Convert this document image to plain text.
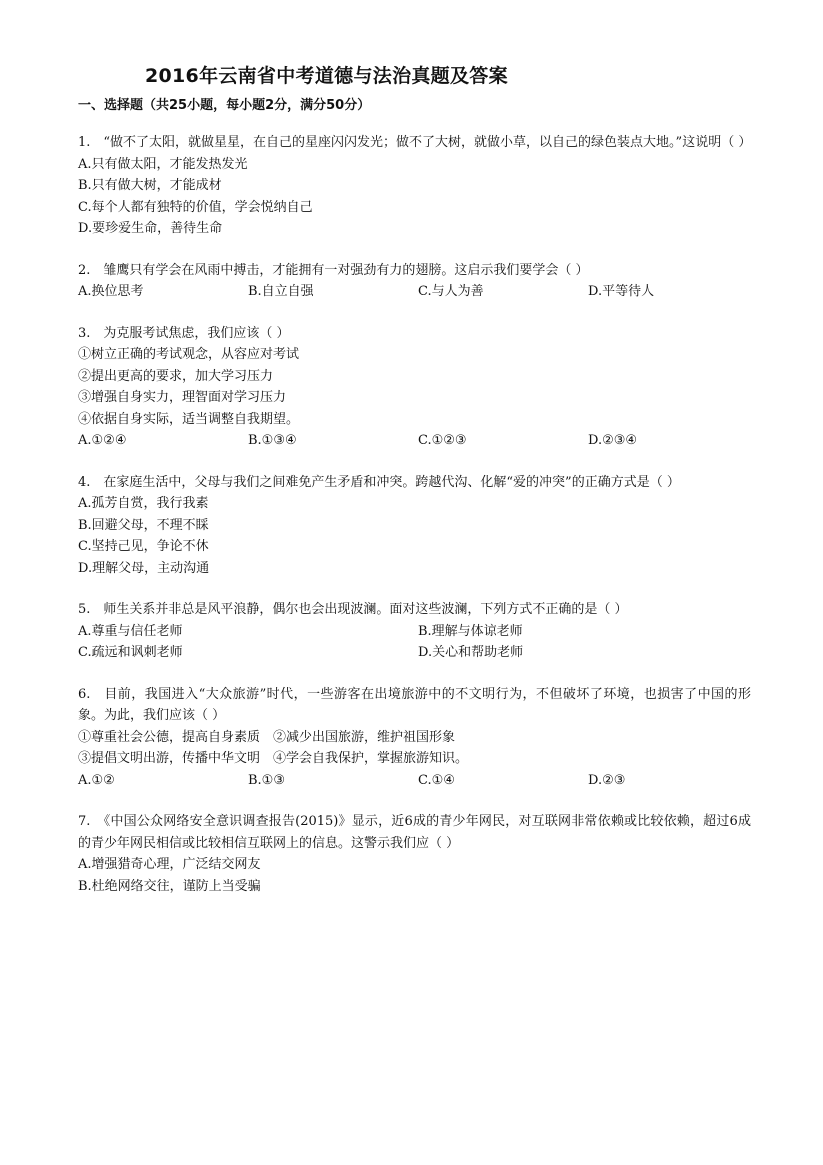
2016年云南省中考道德与法治真题及答案
一、选择题（共25小题，每小题2分，满分50分）

1.　“做不了太阳，就做星星，在自己的星座闪闪发光；做不了大树，就做小草，以自己的绿色装点大地。”这说明（ ）

A.只有做太阳，才能发热发光

B.只有做大树，才能成材

C.每个人都有独特的价值，学会悦纳自己

D.要珍爱生命，善待生命

2.　雏鹰只有学会在风雨中搏击，才能拥有一对强劲有力的翅膀。这启示我们要学会（ ）

A.换位思考	B.自立自强	C.与人为善	D.平等待人

3.　为克服考试焦虑，我们应该（ ）

①树立正确的考试观念，从容应对考试

②提出更高的要求，加大学习压力

③增强自身实力，理智面对学习压力

④依据自身实际，适当调整自我期望。

A.①②④	B.①③④	C.①②③	D.②③④

4.　在家庭生活中，父母与我们之间难免产生矛盾和冲突。跨越代沟、化解“爱的冲突”的正确方式是（ ）

A.孤芳自赏，我行我素

B.回避父母，不理不睬

C.坚持己见，争论不休

D.理解父母，主动沟通

5.　师生关系并非总是风平浪静，偶尔也会出现波澜。面对这些波澜，下列方式不正确的是（ ）

A.尊重与信任老师	B.理解与体谅老师
C.疏远和讽刺老师	D.关心和帮助老师

6.　目前，我国进入“大众旅游”时代，一些游客在出境旅游中的不文明行为，不但破坏了环境，也损害了中国的形象。为此，我们应该（ ）

①尊重社会公德，提高自身素质　②减少出国旅游，维护祖国形象

③提倡文明出游，传播中华文明　④学会自我保护，掌握旅游知识。

A.①②	B.①③	C.①④	D.②③

7.　《中国公众网络安全意识调查报告(2015)》显示，近6成的青少年网民，对互联网非常依赖或比较依赖，超过6成的青少年网民相信或比较相信互联网上的信息。这警示我们应（ ）

A.增强猎奇心理，广泛结交网友

B.杜绝网络交往，谨防上当受骗
